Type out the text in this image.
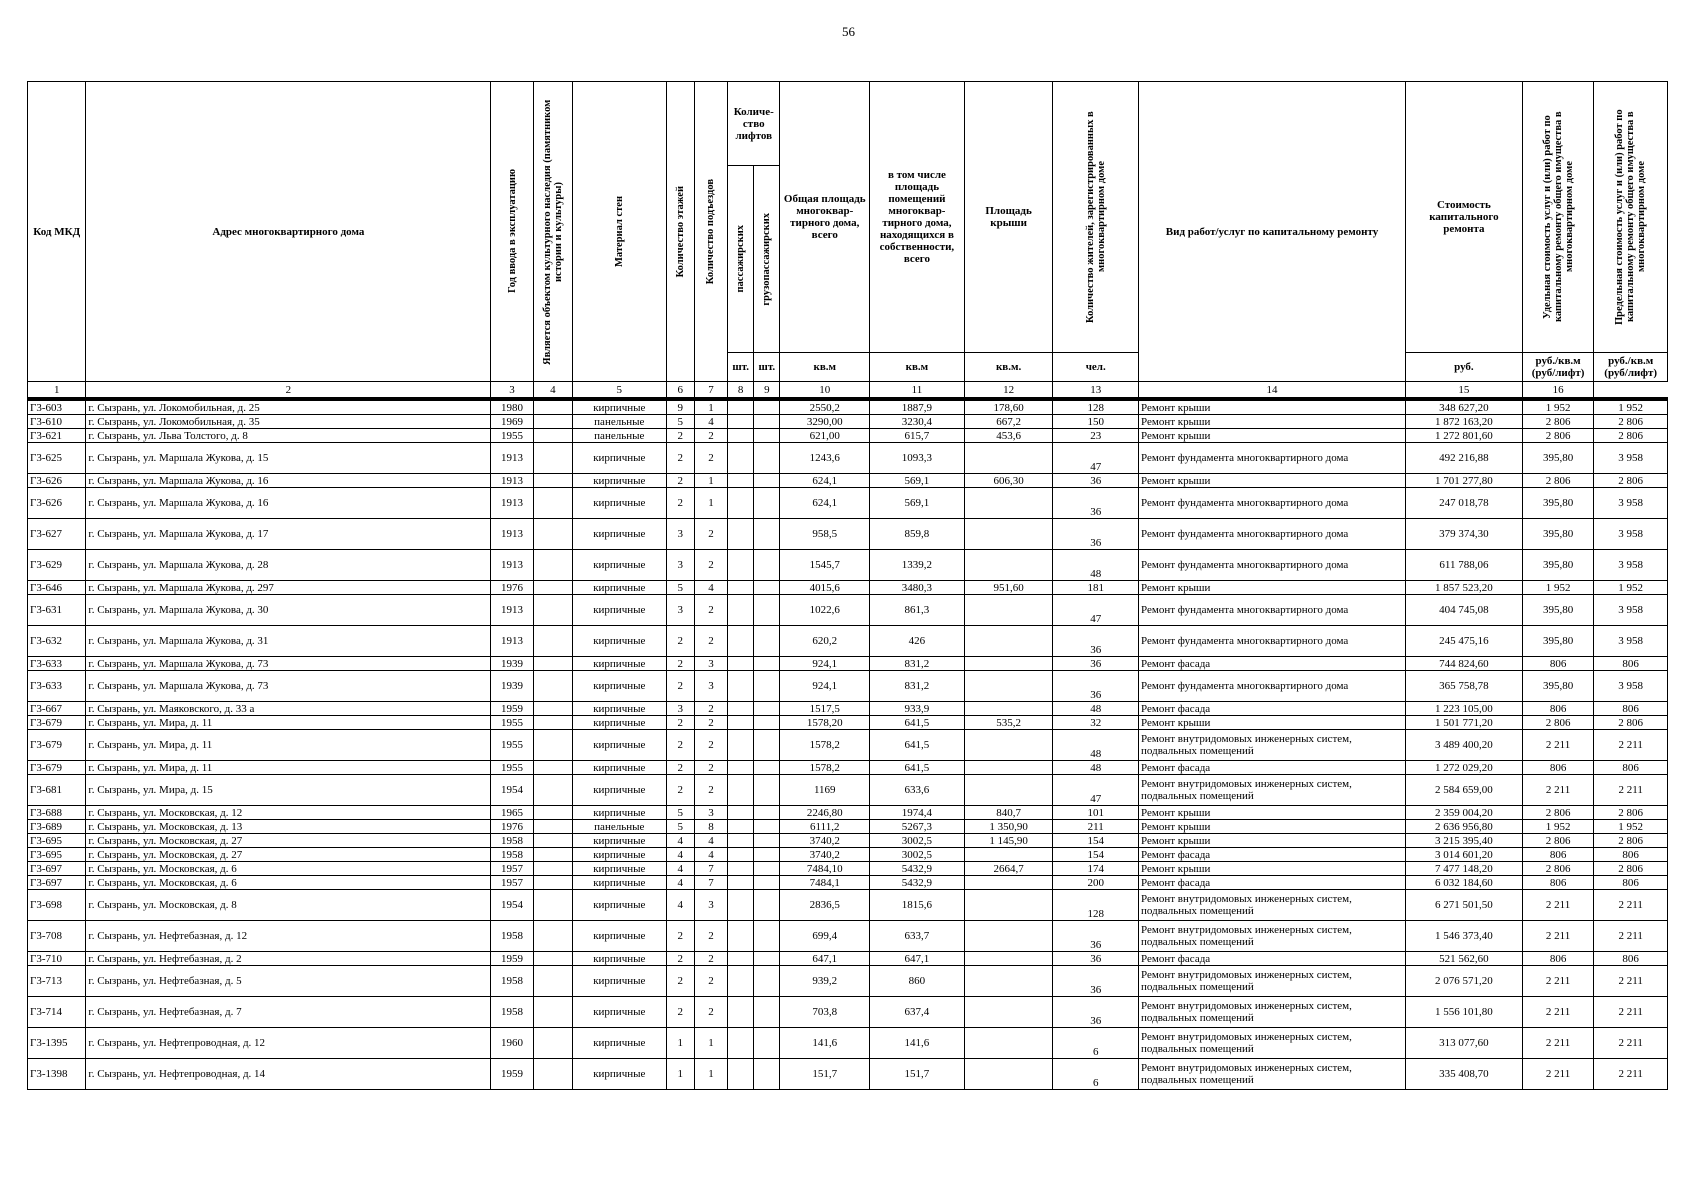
56
Код МКД	Адрес многоквартирного дома	Год ввода в эксплуатацию	Является объектом культурного наследия (памятником истории и культуры)	Материал стен	Количество этажей	Количество подъездов	Количе-ство лифтов		Общая площадь многоквар-тирного дома, всего	в том числе площадь помещений многоквар-тирного дома, находящихся в собственности, всего	Площадь крыши	Количество жителей, зарегистрированных в многоквартирном доме	Вид работ/услуг по капитальному ремонту	Стоимость капитального ремонта	Удельная стоимость услуг и (или) работ по капитальному ремонту общего имущества в многоквартирном доме	Предельная стоимость услуг и (или) работ по капитальному ремонту общего имущества в многоквартирном доме

							пассажирских	грузопассажирских								

							шт.	шт.	кв.м	кв.м	кв.м.	чел.		руб.	руб./кв.м (руб/лифт)	руб./кв.м (руб/лифт)
1	2	3	4	5	6	7	8	9	10	11	12	13	14	15	16	

Г3-603	г. Сызрань, ул. Локомобильная, д. 25	1980		кирпичные	9	1			2550,2	1887,9	178,60	128	Ремонт крыши	348 627,20	1 952	1 952
Г3-610	г. Сызрань, ул. Локомобильная, д. 35	1969		панельные	5	4			3290,00	3230,4	667,2	150	Ремонт крыши	1 872 163,20	2 806	2 806
Г3-621	г. Сызрань, ул. Льва Толстого, д. 8	1955		панельные	2	2			621,00	615,7	453,6	23	Ремонт крыши	1 272 801,60	2 806	2 806
Г3-625	г. Сызрань, ул. Маршала Жукова, д. 15	1913		кирпичные	2	2			1243,6	1093,3		47	Ремонт фундамента многоквартирного дома	492 216,88	395,80	3 958
Г3-626	г. Сызрань, ул. Маршала Жукова, д. 16	1913		кирпичные	2	1			624,1	569,1	606,30	36	Ремонт крыши	1 701 277,80	2 806	2 806
Г3-626	г. Сызрань, ул. Маршала Жукова, д. 16	1913		кирпичные	2	1			624,1	569,1		36	Ремонт фундамента многоквартирного дома	247 018,78	395,80	3 958
Г3-627	г. Сызрань, ул. Маршала Жукова, д. 17	1913		кирпичные	3	2			958,5	859,8		36	Ремонт фундамента многоквартирного дома	379 374,30	395,80	3 958
Г3-629	г. Сызрань, ул. Маршала Жукова, д. 28	1913		кирпичные	3	2			1545,7	1339,2		48	Ремонт фундамента многоквартирного дома	611 788,06	395,80	3 958
Г3-646	г. Сызрань, ул. Маршала Жукова, д. 297	1976		кирпичные	5	4			4015,6	3480,3	951,60	181	Ремонт крыши	1 857 523,20	1 952	1 952
Г3-631	г. Сызрань, ул. Маршала Жукова, д. 30	1913		кирпичные	3	2			1022,6	861,3		47	Ремонт фундамента многоквартирного дома	404 745,08	395,80	3 958
Г3-632	г. Сызрань, ул. Маршала Жукова, д. 31	1913		кирпичные	2	2			620,2	426		36	Ремонт фундамента многоквартирного дома	245 475,16	395,80	3 958
Г3-633	г. Сызрань, ул. Маршала Жукова, д. 73	1939		кирпичные	2	3			924,1	831,2		36	Ремонт фасада	744 824,60	806	806
Г3-633	г. Сызрань, ул. Маршала Жукова, д. 73	1939		кирпичные	2	3			924,1	831,2		36	Ремонт фундамента многоквартирного дома	365 758,78	395,80	3 958
Г3-667	г. Сызрань, ул. Маяковского, д. 33 а	1959		кирпичные	3	2			1517,5	933,9		48	Ремонт фасада	1 223 105,00	806	806
Г3-679	г. Сызрань, ул. Мира, д. 11	1955		кирпичные	2	2			1578,20	641,5	535,2	32	Ремонт крыши	1 501 771,20	2 806	2 806
Г3-679	г. Сызрань, ул. Мира, д. 11	1955		кирпичные	2	2			1578,2	641,5		48	Ремонт внутридомовых инженерных систем, подвальных помещений	3 489 400,20	2 211	2 211
Г3-679	г. Сызрань, ул. Мира, д. 11	1955		кирпичные	2	2			1578,2	641,5		48	Ремонт фасада	1 272 029,20	806	806
Г3-681	г. Сызрань, ул. Мира, д. 15	1954		кирпичные	2	2			1169	633,6		47	Ремонт внутридомовых инженерных систем, подвальных помещений	2 584 659,00	2 211	2 211
Г3-688	г. Сызрань, ул. Московская, д. 12	1965		кирпичные	5	3			2246,80	1974,4	840,7	101	Ремонт крыши	2 359 004,20	2 806	2 806
Г3-689	г. Сызрань, ул. Московская, д. 13	1976		панельные	5	8			6111,2	5267,3	1 350,90	211	Ремонт крыши	2 636 956,80	1 952	1 952
Г3-695	г. Сызрань, ул. Московская, д. 27	1958		кирпичные	4	4			3740,2	3002,5	1 145,90	154	Ремонт крыши	3 215 395,40	2 806	2 806
Г3-695	г. Сызрань, ул. Московская, д. 27	1958		кирпичные	4	4			3740,2	3002,5		154	Ремонт фасада	3 014 601,20	806	806
Г3-697	г. Сызрань, ул. Московская, д. 6	1957		кирпичные	4	7			7484,10	5432,9	2664,7	174	Ремонт крыши	7 477 148,20	2 806	2 806
Г3-697	г. Сызрань, ул. Московская, д. 6	1957		кирпичные	4	7			7484,1	5432,9		200	Ремонт фасада	6 032 184,60	806	806
Г3-698	г. Сызрань, ул. Московская, д. 8	1954		кирпичные	4	3			2836,5	1815,6		128	Ремонт внутридомовых инженерных систем, подвальных помещений	6 271 501,50	2 211	2 211
Г3-708	г. Сызрань, ул. Нефтебазная, д. 12	1958		кирпичные	2	2			699,4	633,7		36	Ремонт внутридомовых инженерных систем, подвальных помещений	1 546 373,40	2 211	2 211
Г3-710	г. Сызрань, ул. Нефтебазная, д. 2	1959		кирпичные	2	2			647,1	647,1		36	Ремонт фасада	521 562,60	806	806
Г3-713	г. Сызрань, ул. Нефтебазная, д. 5	1958		кирпичные	2	2			939,2	860		36	Ремонт внутридомовых инженерных систем, подвальных помещений	2 076 571,20	2 211	2 211
Г3-714	г. Сызрань, ул. Нефтебазная, д. 7	1958		кирпичные	2	2			703,8	637,4		36	Ремонт внутридомовых инженерных систем, подвальных помещений	1 556 101,80	2 211	2 211
Г3-1395	г. Сызрань, ул. Нефтепроводная, д. 12	1960		кирпичные	1	1			141,6	141,6		6	Ремонт внутридомовых инженерных систем, подвальных помещений	313 077,60	2 211	2 211
Г3-1398	г. Сызрань, ул. Нефтепроводная, д. 14	1959		кирпичные	1	1			151,7	151,7		6	Ремонт внутридомовых инженерных систем, подвальных помещений	335 408,70	2 211	2 211
